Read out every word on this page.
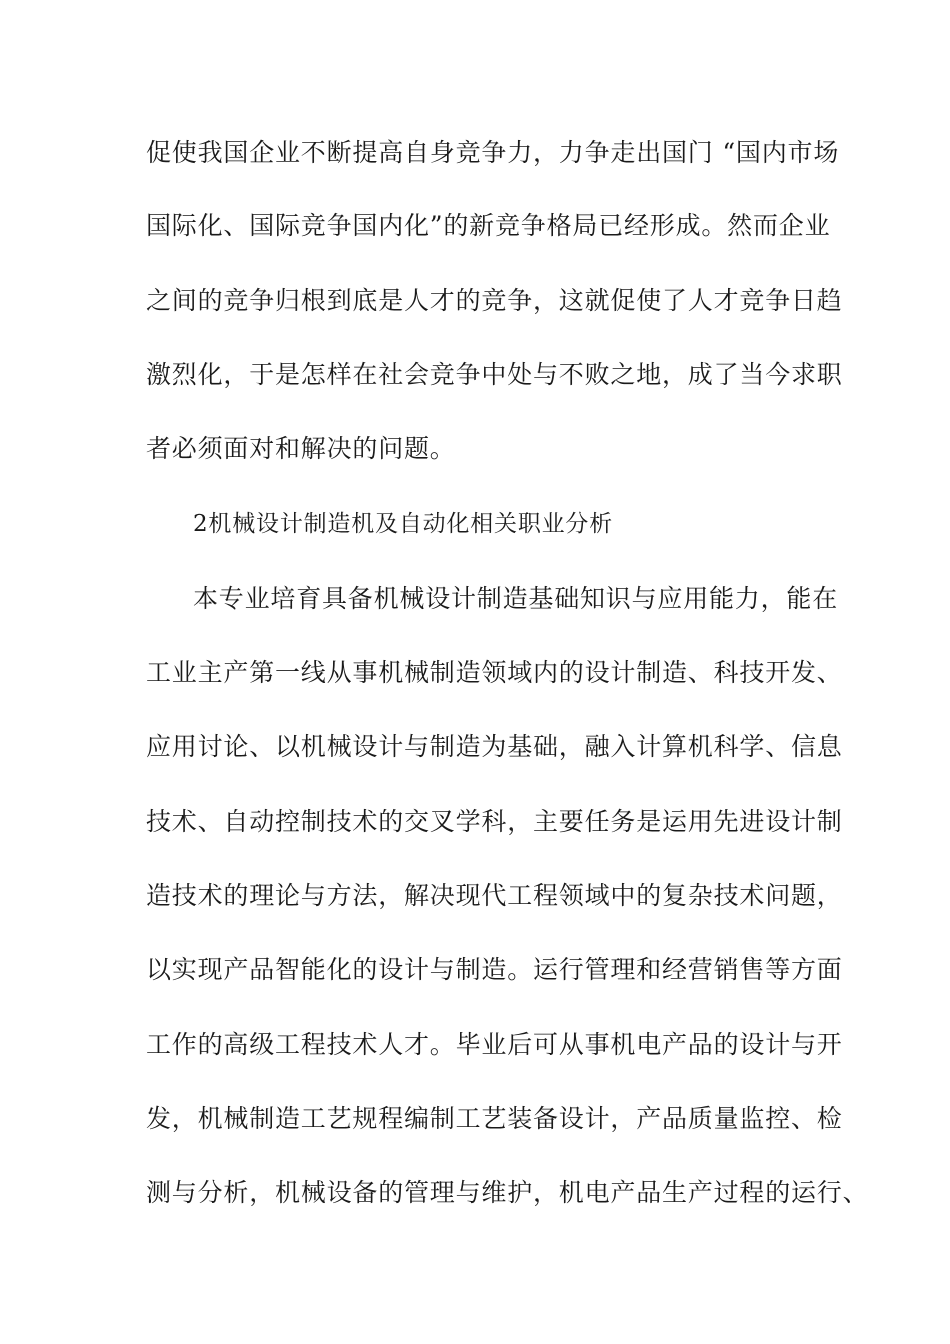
促使我国企业不断提高自身竞争力，力争走出国门 “国内市场
国际化、国际竞争国内化”的新竞争格局已经形成。然而企业
之间的竞争归根到底是人才的竞争，这就促使了人才竞争日趋
激烈化，于是怎样在社会竞争中处与不败之地，成了当今求职
者必须面对和解决的问题。
2机械设计制造机及自动化相关职业分析
本专业培育具备机械设计制造基础知识与应用能力，能在
工业主产第一线从事机械制造领域内的设计制造、科技开发、
应用讨论、以机械设计与制造为基础，融入计算机科学、信息
技术、自动控制技术的交叉学科，主要任务是运用先进设计制
造技术的理论与方法，解决现代工程领域中的复杂技术问题，
以实现产品智能化的设计与制造。运行管理和经营销售等方面
工作的高级工程技术人才。毕业后可从事机电产品的设计与开
发，机械制造工艺规程编制工艺装备设计，产品质量监控、检
测与分析，机械设备的管理与维护，机电产品生产过程的运行、
